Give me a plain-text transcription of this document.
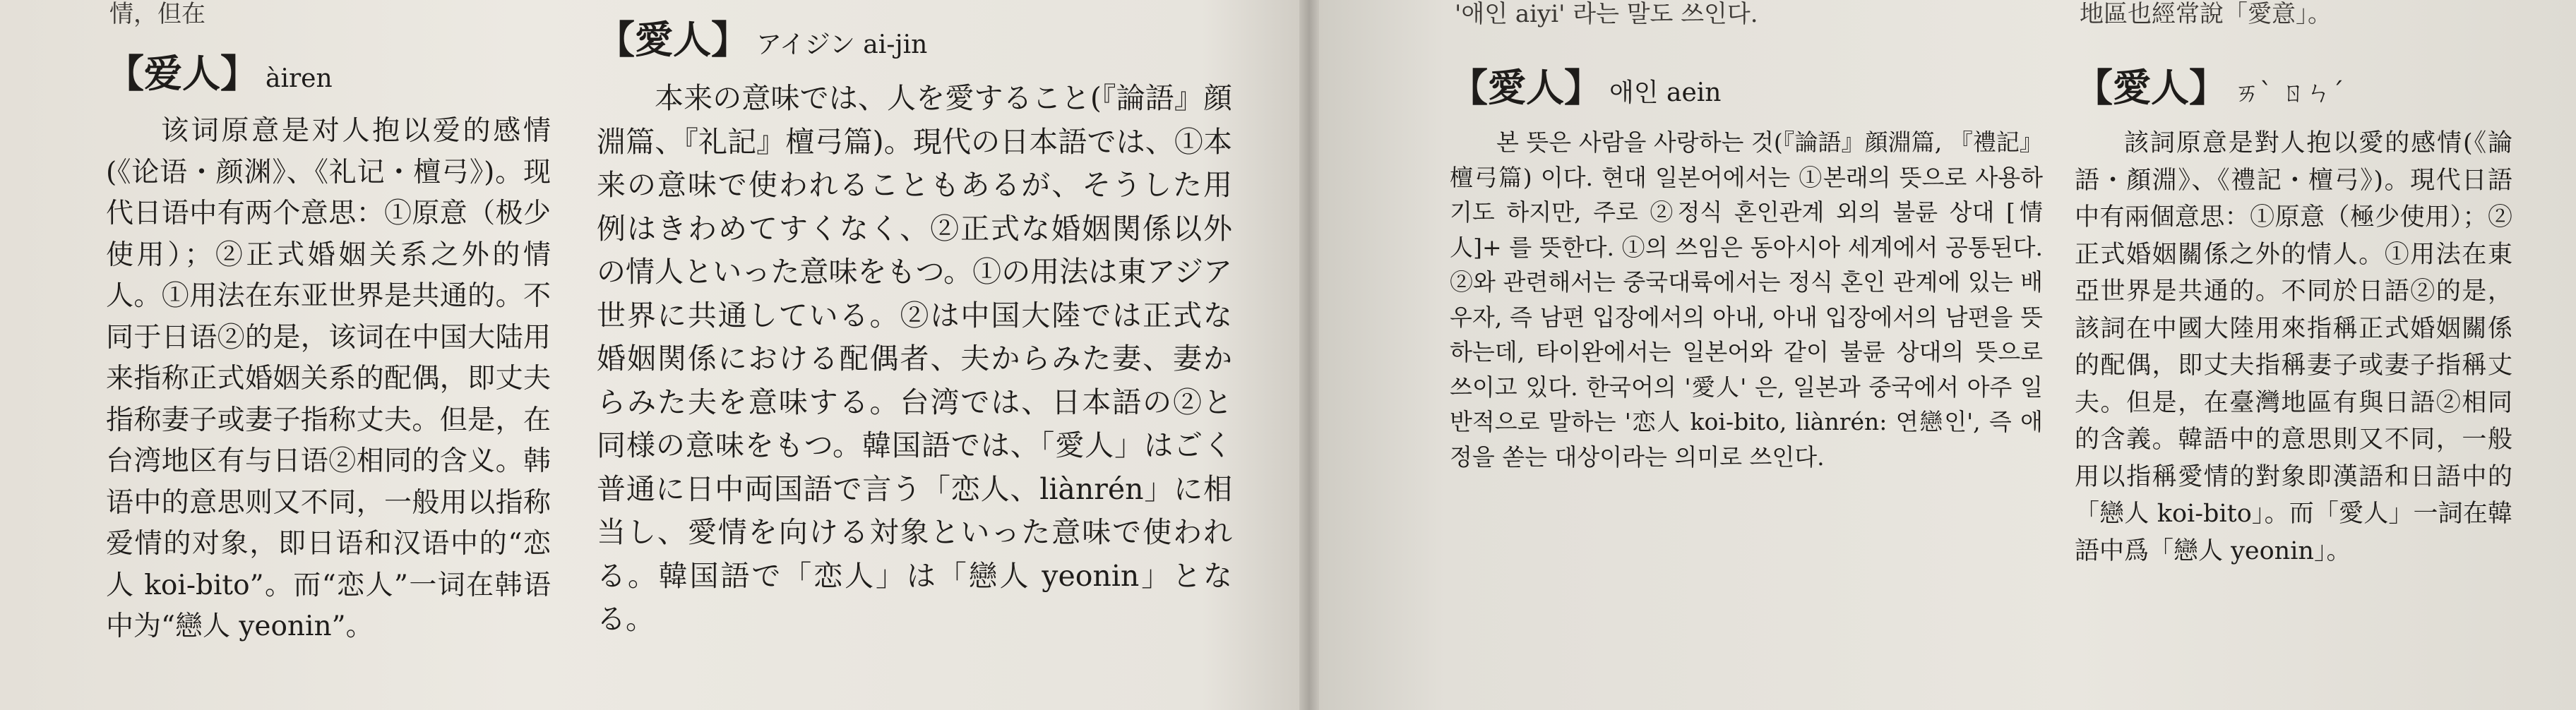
情，但在
【爱人】 àiren

该词原意是对人抱以爱的感情(《论语・颜渊》、《礼记・檀弓》)。现代日语中有两个意思：①原意（极少使用）；②正式婚姻关系之外的情人。①用法在东亚世界是共通的。不同于日语②的是，该词在中国大陆用来指称正式婚姻关系的配偶，即丈夫指称妻子或妻子指称丈夫。但是，在台湾地区有与日语②相同的含义。韩语中的意思则又不同，一般用以指称爱情的对象，即日语和汉语中的“恋人 koi-bito”。而“恋人”一词在韩语中为“戀人 yeonin”。

【愛人】 アイジン ai-jin

本来の意味では、人を愛すること(『論語』顔淵篇、『礼記』檀弓篇)。現代の日本語では、①本来の意味で使われることもあるが、そうした用例はきわめてすくなく、②正式な婚姻関係以外の情人といった意味をもつ。①の用法は東アジア世界に共通している。②は中国大陸では正式な婚姻関係における配偶者、夫からみた妻、妻からみた夫を意味する。台湾では、日本語の②と同様の意味をもつ。韓国語では、「愛人」はごく普通に日中両国語で言う「恋人、liànrén」に相当し、愛情を向ける対象といった意味で使われる。韓国語で「恋人」は「戀人 yeonin」となる。

'애인 aiyi' 라는 말도 쓰인다.	地區也經常說「愛意」。
【愛人】 애인 aein

본 뜻은 사람을 사랑하는 것(『論語』顔淵篇, 『禮記』檀弓篇) 이다. 현대 일본어에서는 ①본래의 뜻으로 사용하기도 하지만, 주로 ②정식 혼인관계 외의 불륜 상대 [情人]+ 를 뜻한다. ①의 쓰임은 동아시아 세계에서 공통된다. ②와 관련해서는 중국대륙에서는 정식 혼인 관계에 있는 배우자, 즉 남편 입장에서의 아내, 아내 입장에서의 남편을 뜻하는데, 타이완에서는 일본어와 같이 불륜 상대의 뜻으로 쓰이고 있다. 한국어의 '愛人' 은, 일본과 중국에서 아주 일반적으로 말하는 '恋人 koi-bito, liànrén: 연戀인', 즉 애정을 쏟는 대상이라는 의미로 쓰인다.

【愛人】 ㄞˋ ㄖㄣˊ

該詞原意是對人抱以愛的感情(《論語・顏淵》、《禮記・檀弓》)。現代日語中有兩個意思：①原意（極少使用）；②正式婚姻關係之外的情人。①用法在東亞世界是共通的。不同於日語②的是，該詞在中國大陸用來指稱正式婚姻關係的配偶，即丈夫指稱妻子或妻子指稱丈夫。但是，在臺灣地區有與日語②相同的含義。韓語中的意思則又不同，一般用以指稱愛情的對象即漢語和日語中的「戀人 koi-bito」。而「愛人」一詞在韓語中爲「戀人 yeonin」。
